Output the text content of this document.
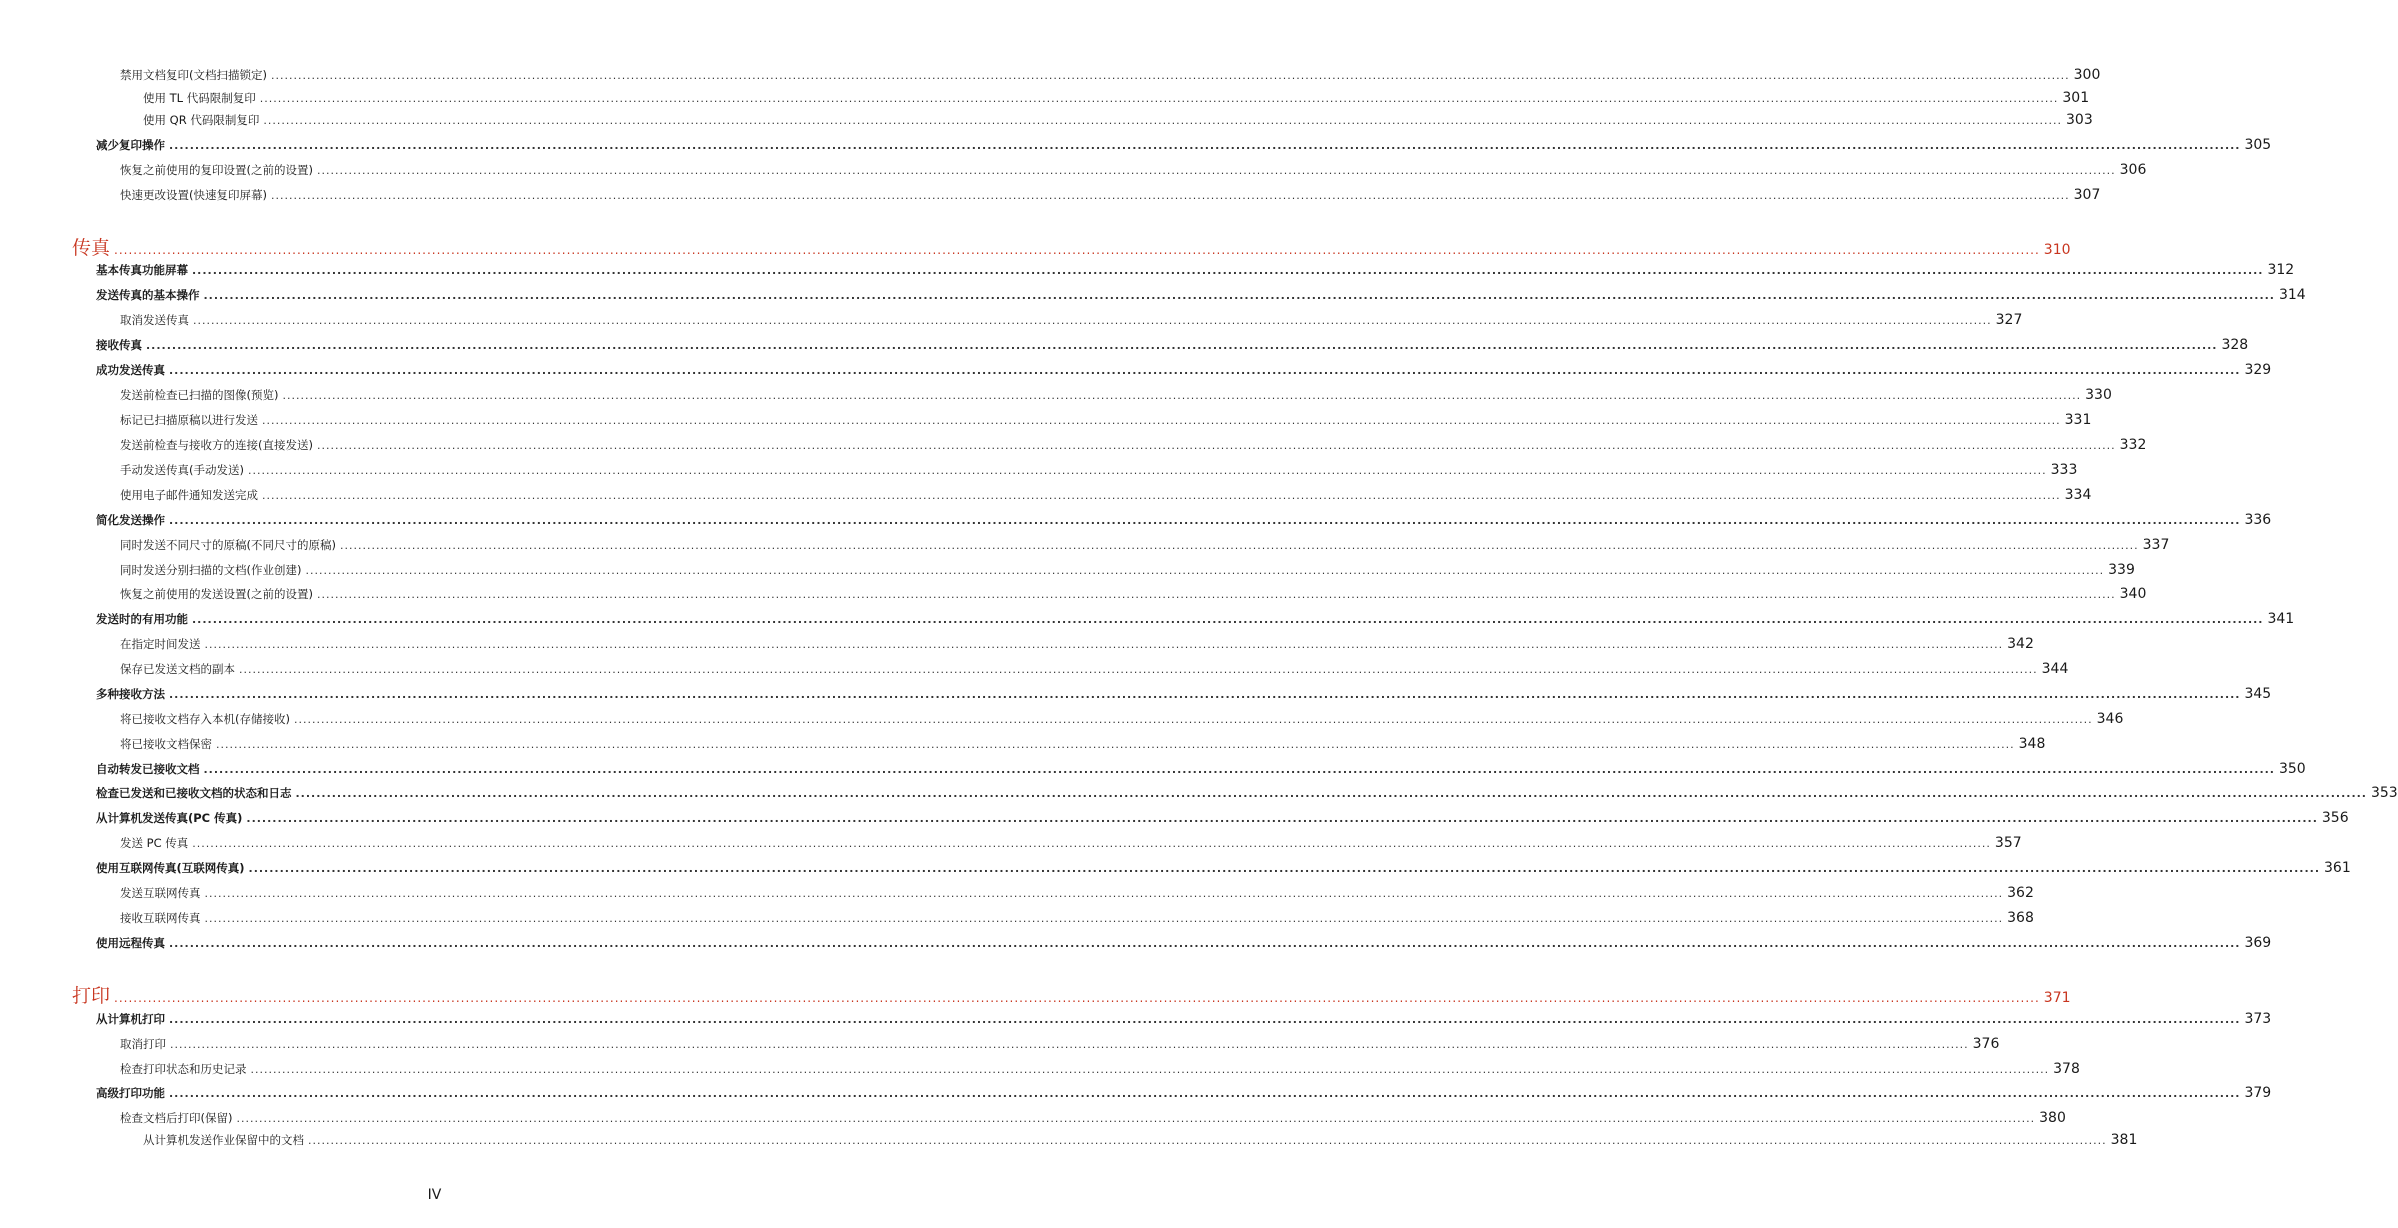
禁用文档复印(文档扫描锁定) ................................................................................................................................................................................................................................................................................................................................................................................................................ 300
使用 TL 代码限制复印 ................................................................................................................................................................................................................................................................................................................................................................................................................ 301
使用 QR 代码限制复印 ................................................................................................................................................................................................................................................................................................................................................................................................................ 303
减少复印操作 ................................................................................................................................................................................................................................................................................................................................................................................................................ 305
恢复之前使用的复印设置(之前的设置) ................................................................................................................................................................................................................................................................................................................................................................................................................ 306
快速更改设置(快速复印屏幕) ................................................................................................................................................................................................................................................................................................................................................................................................................ 307
传真 ................................................................................................................................................................................................................................................................................................................................................................................................................ 310
基本传真功能屏幕 ................................................................................................................................................................................................................................................................................................................................................................................................................ 312
发送传真的基本操作 ................................................................................................................................................................................................................................................................................................................................................................................................................ 314
取消发送传真 ................................................................................................................................................................................................................................................................................................................................................................................................................ 327
接收传真 ................................................................................................................................................................................................................................................................................................................................................................................................................ 328
成功发送传真 ................................................................................................................................................................................................................................................................................................................................................................................................................ 329
发送前检查已扫描的图像(预览) ................................................................................................................................................................................................................................................................................................................................................................................................................ 330
标记已扫描原稿以进行发送 ................................................................................................................................................................................................................................................................................................................................................................................................................ 331
发送前检查与接收方的连接(直接发送) ................................................................................................................................................................................................................................................................................................................................................................................................................ 332
手动发送传真(手动发送) ................................................................................................................................................................................................................................................................................................................................................................................................................ 333
使用电子邮件通知发送完成 ................................................................................................................................................................................................................................................................................................................................................................................................................ 334
简化发送操作 ................................................................................................................................................................................................................................................................................................................................................................................................................ 336
同时发送不同尺寸的原稿(不同尺寸的原稿) ................................................................................................................................................................................................................................................................................................................................................................................................................ 337
同时发送分别扫描的文档(作业创建) ................................................................................................................................................................................................................................................................................................................................................................................................................ 339
恢复之前使用的发送设置(之前的设置) ................................................................................................................................................................................................................................................................................................................................................................................................................ 340
发送时的有用功能 ................................................................................................................................................................................................................................................................................................................................................................................................................ 341
在指定时间发送 ................................................................................................................................................................................................................................................................................................................................................................................................................ 342
保存已发送文档的副本 ................................................................................................................................................................................................................................................................................................................................................................................................................ 344
多种接收方法 ................................................................................................................................................................................................................................................................................................................................................................................................................ 345
将已接收文档存入本机(存储接收) ................................................................................................................................................................................................................................................................................................................................................................................................................ 346
将已接收文档保密 ................................................................................................................................................................................................................................................................................................................................................................................................................ 348
自动转发已接收文档 ................................................................................................................................................................................................................................................................................................................................................................................................................ 350
检查已发送和已接收文档的状态和日志 ................................................................................................................................................................................................................................................................................................................................................................................................................ 353
从计算机发送传真(PC 传真) ................................................................................................................................................................................................................................................................................................................................................................................................................ 356
发送 PC 传真 ................................................................................................................................................................................................................................................................................................................................................................................................................ 357
使用互联网传真(互联网传真) ................................................................................................................................................................................................................................................................................................................................................................................................................ 361
发送互联网传真 ................................................................................................................................................................................................................................................................................................................................................................................................................ 362
接收互联网传真 ................................................................................................................................................................................................................................................................................................................................................................................................................ 368
使用远程传真 ................................................................................................................................................................................................................................................................................................................................................................................................................ 369
打印 ................................................................................................................................................................................................................................................................................................................................................................................................................ 371
从计算机打印 ................................................................................................................................................................................................................................................................................................................................................................................................................ 373
取消打印 ................................................................................................................................................................................................................................................................................................................................................................................................................ 376
检查打印状态和历史记录 ................................................................................................................................................................................................................................................................................................................................................................................................................ 378
高级打印功能 ................................................................................................................................................................................................................................................................................................................................................................................................................ 379
检查文档后打印(保留) ................................................................................................................................................................................................................................................................................................................................................................................................................ 380
从计算机发送作业保留中的文档 ................................................................................................................................................................................................................................................................................................................................................................................................................ 381
IV
